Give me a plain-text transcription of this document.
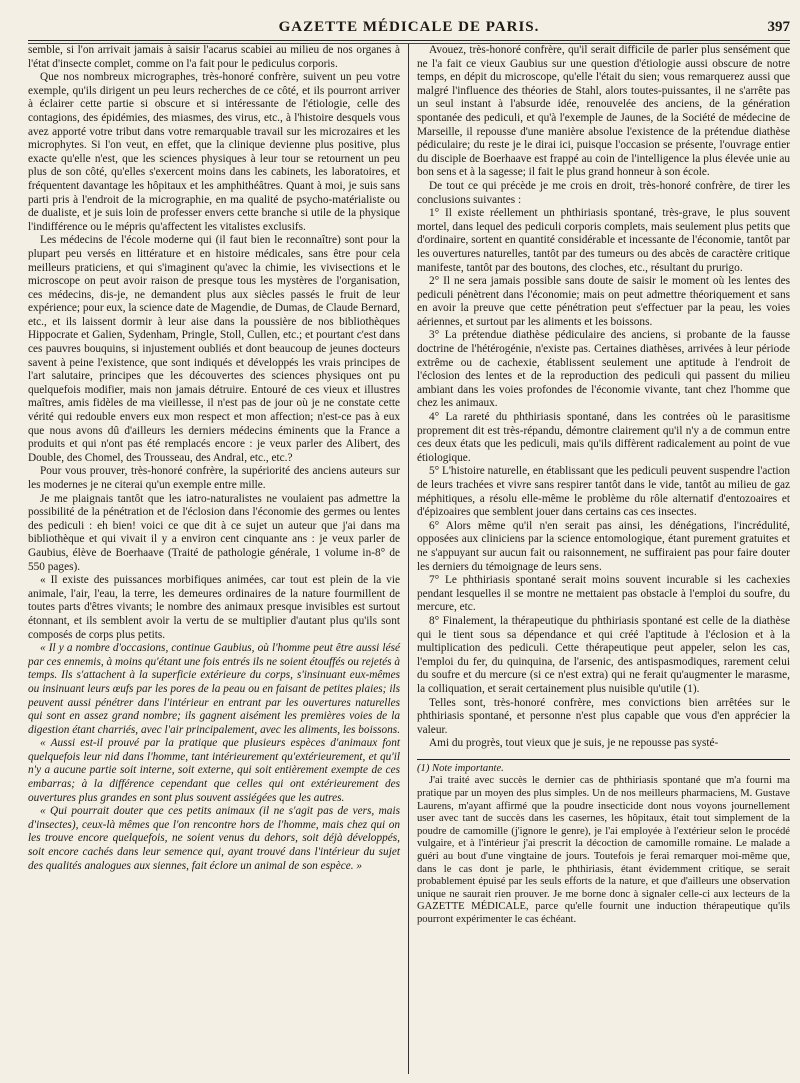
GAZETTE MÉDICALE DE PARIS.	397

semble, si l'on arrivait jamais à saisir l'acarus scabiei au milieu de nos organes à l'état d'insecte complet, comme on l'a fait pour le pediculus corporis.

Que nos nombreux micrographes, très-honoré confrère, suivent un peu votre exemple, qu'ils dirigent un peu leurs recherches de ce côté, et ils pourront arriver à éclairer cette partie si obscure et si intéressante de l'étiologie, celle des contagions, des épidémies, des miasmes, des virus, etc., à l'histoire desquels vous avez apporté votre tribut dans votre remarquable travail sur les microzaires et les microphytes. Si l'on veut, en effet, que la clinique devienne plus positive, plus exacte qu'elle n'est, que les sciences physiques à leur tour se retournent un peu plus de son côté, qu'elles s'exercent moins dans les cabinets, les laboratoires, et fréquentent davantage les hôpitaux et les amphithéâtres. Quant à moi, je suis sans parti pris à l'endroit de la micrographie, en ma qualité de psycho-matérialiste ou de dualiste, et je suis loin de professer envers cette branche si utile de la physique l'indifférence ou le mépris qu'affectent les vitalistes exclusifs.

Les médecins de l'école moderne qui (il faut bien le reconnaître) sont pour la plupart peu versés en littérature et en histoire médicales, sans être pour cela meilleurs praticiens, et qui s'imaginent qu'avec la chimie, les vivisections et le microscope on peut avoir raison de presque tous les mystères de l'organisation, ces médecins, dis-je, ne demandent plus aux siècles passés le fruit de leur expérience; pour eux, la science date de Magendie, de Dumas, de Claude Bernard, etc., et ils laissent dormir à leur aise dans la poussière de nos bibliothèques Hippocrate et Galien, Sydenham, Pringle, Stoll, Cullen, etc.; et pourtant c'est dans ces pauvres bouquins, si injustement oubliés et dont beaucoup de jeunes docteurs savent à peine l'existence, que sont indiqués et développés les vrais principes de l'art salutaire, principes que les découvertes des sciences physiques ont pu quelquefois modifier, mais non jamais détruire. Entouré de ces vieux et illustres maîtres, amis fidèles de ma vieillesse, il n'est pas de jour où je ne constate cette vérité qui redouble envers eux mon respect et mon affection; n'est-ce pas à eux que nous avons dû d'ailleurs les derniers médecins éminents que la France a produits et qui n'ont pas été remplacés encore : je veux parler des Alibert, des Double, des Chomel, des Trousseau, des Andral, etc., etc.?

Pour vous prouver, très-honoré confrère, la supériorité des anciens auteurs sur les modernes je ne citerai qu'un exemple entre mille.

Je me plaignais tantôt que les iatro-naturalistes ne voulaient pas admettre la possibilité de la pénétration et de l'éclosion dans l'économie des germes ou lentes des pediculi : eh bien! voici ce que dit à ce sujet un auteur que j'ai dans ma bibliothèque et qui vivait il y a environ cent cinquante ans : je veux parler de Gaubius, élève de Boerhaave (Traité de pathologie générale, 1 volume in-8° de 550 pages).

« Il existe des puissances morbifiques animées, car tout est plein de la vie animale, l'air, l'eau, la terre, les demeures ordinaires de la nature fourmillent de toutes parts d'êtres vivants; le nombre des animaux presque invisibles est surtout étonnant, et ils semblent avoir la vertu de se multiplier d'autant plus qu'ils sont composés de corps plus petits.

« Il y a nombre d'occasions, continue Gaubius, où l'homme peut être aussi lésé par ces ennemis, à moins qu'étant une fois entrés ils ne soient étouffés ou rejetés à temps. Ils s'attachent à la superficie extérieure du corps, s'insinuant eux-mêmes ou insinuant leurs œufs par les pores de la peau ou en faisant de petites plaies; ils peuvent aussi pénétrer dans l'intérieur en entrant par les ouvertures naturelles qui sont en assez grand nombre; ils gagnent aisément les premières voies de la digestion étant charriés, avec l'air principalement, avec les aliments, les boissons.

« Aussi est-il prouvé par la pratique que plusieurs espèces d'animaux font quelquefois leur nid dans l'homme, tant intérieurement qu'extérieurement, et qu'il n'y a aucune partie soit interne, soit externe, qui soit entièrement exempte de ces embarras; à la différence cependant que celles qui ont extérieurement des ouvertures plus grandes en sont plus souvent assiégées que les autres.

« Qui pourrait douter que ces petits animaux (il ne s'agit pas de vers, mais d'insectes), ceux-là mêmes que l'on rencontre hors de l'homme, mais chez qui on les trouve encore quelquefois, ne soient venus du dehors, soit déjà développés, soit encore cachés dans leur semence qui, ayant trouvé dans l'intérieur du sujet des qualités analogues aux siennes, fait éclore un animal de son espèce. »

Avouez, très-honoré confrère, qu'il serait difficile de parler plus sensément que ne l'a fait ce vieux Gaubius sur une question d'étiologie aussi obscure de notre temps, en dépit du microscope, qu'elle l'était du sien; vous remarquerez aussi que malgré l'influence des théories de Stahl, alors toutes-puissantes, il ne s'arrête pas un seul instant à l'absurde idée, renouvelée des anciens, de la génération spontanée des pediculi, et qu'à l'exemple de Jaunes, de la Société de médecine de Marseille, il repousse d'une manière absolue l'existence de la prétendue diathèse pédiculaire; du reste je le dirai ici, puisque l'occasion se présente, l'ouvrage entier du disciple de Boerhaave est frappé au coin de l'intelligence la plus élevée unie au bon sens et à la sagesse; il fait le plus grand honneur à son école.

De tout ce qui précède je me crois en droit, très-honoré confrère, de tirer les conclusions suivantes :

1° Il existe réellement un phthiriasis spontané, très-grave, le plus souvent mortel, dans lequel des pediculi corporis complets, mais seulement plus petits que d'ordinaire, sortent en quantité considérable et incessante de l'économie, tantôt par les ouvertures naturelles, tantôt par des tumeurs ou des abcès de caractère critique manifeste, tantôt par des boutons, des cloches, etc., résultant du prurigo.

2° Il ne sera jamais possible sans doute de saisir le moment où les lentes des pediculi pénètrent dans l'économie; mais on peut admettre théoriquement et sans en avoir la preuve que cette pénétration peut s'effectuer par la peau, les voies aériennes, et surtout par les aliments et les boissons.

3° La prétendue diathèse pédiculaire des anciens, si probante de la fausse doctrine de l'hétérogénie, n'existe pas. Certaines diathèses, arrivées à leur période extrême ou de cachexie, établissent seulement une aptitude à l'endroit de l'éclosion des lentes et de la reproduction des pediculi qui passent du milieu ambiant dans les voies profondes de l'économie vivante, tant chez l'homme que chez les animaux.

4° La rareté du phthiriasis spontané, dans les contrées où le parasitisme proprement dit est très-répandu, démontre clairement qu'il n'y a de commun entre ces deux états que les pediculi, mais qu'ils diffèrent radicalement au point de vue étiologique.

5° L'histoire naturelle, en établissant que les pediculi peuvent suspendre l'action de leurs trachées et vivre sans respirer tantôt dans le vide, tantôt au milieu de gaz méphitiques, a résolu elle-même le problème du rôle alternatif d'entozoaires et d'épizoaires que semblent jouer dans certains cas ces insectes.

6° Alors même qu'il n'en serait pas ainsi, les dénégations, l'incrédulité, opposées aux cliniciens par la science entomologique, étant purement gratuites et ne s'appuyant sur aucun fait ou raisonnement, ne suffiraient pas pour faire douter les derniers du témoignage de leurs sens.

7° Le phthiriasis spontané serait moins souvent incurable si les cachexies pendant lesquelles il se montre ne mettaient pas obstacle à l'emploi du soufre, du mercure, etc.

8° Finalement, la thérapeutique du phthiriasis spontané est celle de la diathèse qui le tient sous sa dépendance et qui créé l'aptitude à l'éclosion et à la multiplication des pediculi. Cette thérapeutique peut appeler, selon les cas, l'emploi du fer, du quinquina, de l'arsenic, des antispasmodiques, rarement celui du soufre et du mercure (si ce n'est extra) qui ne ferait qu'augmenter le marasme, la colliquation, et serait certainement plus nuisible qu'utile (1).

Telles sont, très-honoré confrère, mes convictions bien arrêtées sur le phthiriasis spontané, et personne n'est plus capable que vous d'en apprécier la valeur.

Ami du progrès, tout vieux que je suis, je ne repousse pas systé-

(1) Note importante.

J'ai traité avec succès le dernier cas de phthiriasis spontané que m'a fourni ma pratique par un moyen des plus simples. Un de nos meilleurs pharmaciens, M. Gustave Laurens, m'ayant affirmé que la poudre insecticide dont nous voyons journellement user avec tant de succès dans les casernes, les hôpitaux, était tout simplement de la poudre de camomille (j'ignore le genre), je l'ai employée à l'extérieur selon le procédé vulgaire, et à l'intérieur j'ai prescrit la décoction de camomille romaine. Le malade a guéri au bout d'une vingtaine de jours. Toutefois je ferai remarquer moi-même que, dans le cas dont je parle, le phthiriasis, étant évidemment critique, se serait probablement épuisé par les seuls efforts de la nature, et que d'ailleurs une observation unique ne saurait rien prouver. Je me borne donc à signaler celle-ci aux lecteurs de la GAZETTE MÉDICALE, parce qu'elle fournit une induction thérapeutique qu'ils pourront expérimenter le cas échéant.
